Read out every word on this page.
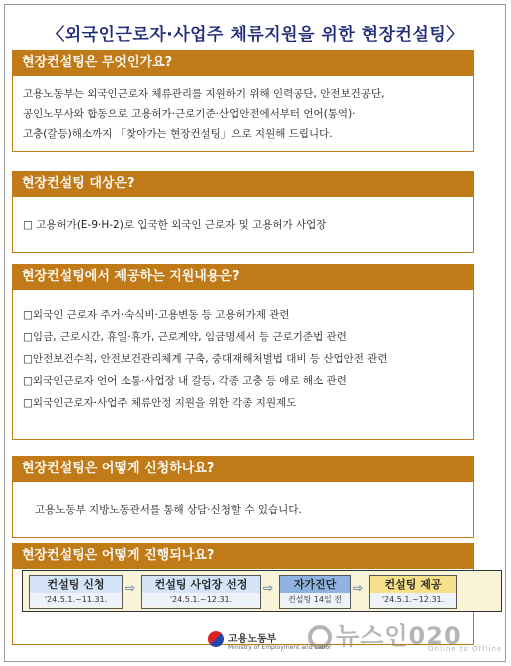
〈외국인근로자·사업주 체류지원을 위한 현장컨설팅〉
현장컨설팅은 무엇인가요?
고용노동부는 외국인근로자 체류관리를 지원하기 위해 인력공단, 안전보건공단,
공인노무사와 합동으로 고용허가·근로기준·산업안전에서부터 언어(통역)·
고충(갈등)해소까지 「찾아가는 현장컨설팅」으로 지원해 드립니다.
현장컨설팅 대상은?
□ 고용허가(E-9·H-2)로 입국한 외국인 근로자 및 고용허가 사업장
현장컨설팅에서 제공하는 지원내용은?
□외국인 근로자 주거·숙식비·고용변동 등 고용허가제 관련
□임금, 근로시간, 휴일·휴가, 근로계약, 임금명세서 등 근로기준법 관련
□안전보건수칙, 안전보건관리체계 구축, 중대재해처벌법 대비 등 산업안전 관련
□외국인근로자 언어 소통·사업장 내 갈등, 각종 고충 등 애로 해소 관련
□외국인근로자·사업주 체류안정 지원을 위한 각종 지원제도
현장컨설팅은 어떻게 신청하나요?
고용노동부 지방노동관서를 통해 상담·신청할 수 있습니다.
현장컨설팅은 어떻게 진행되나요?
컨설팅 신청
'24.5.1.~11.31.
⇨	컨설팅 사업장 선정
'24.5.1.~12.31.
⇨	자가진단
컨설팅 14일 전
⇨	컨설팅 제공
'24.5.1.~12.31.
고용노동부
Ministry of Employment and Labor 뉴스인020
Online to Offline
